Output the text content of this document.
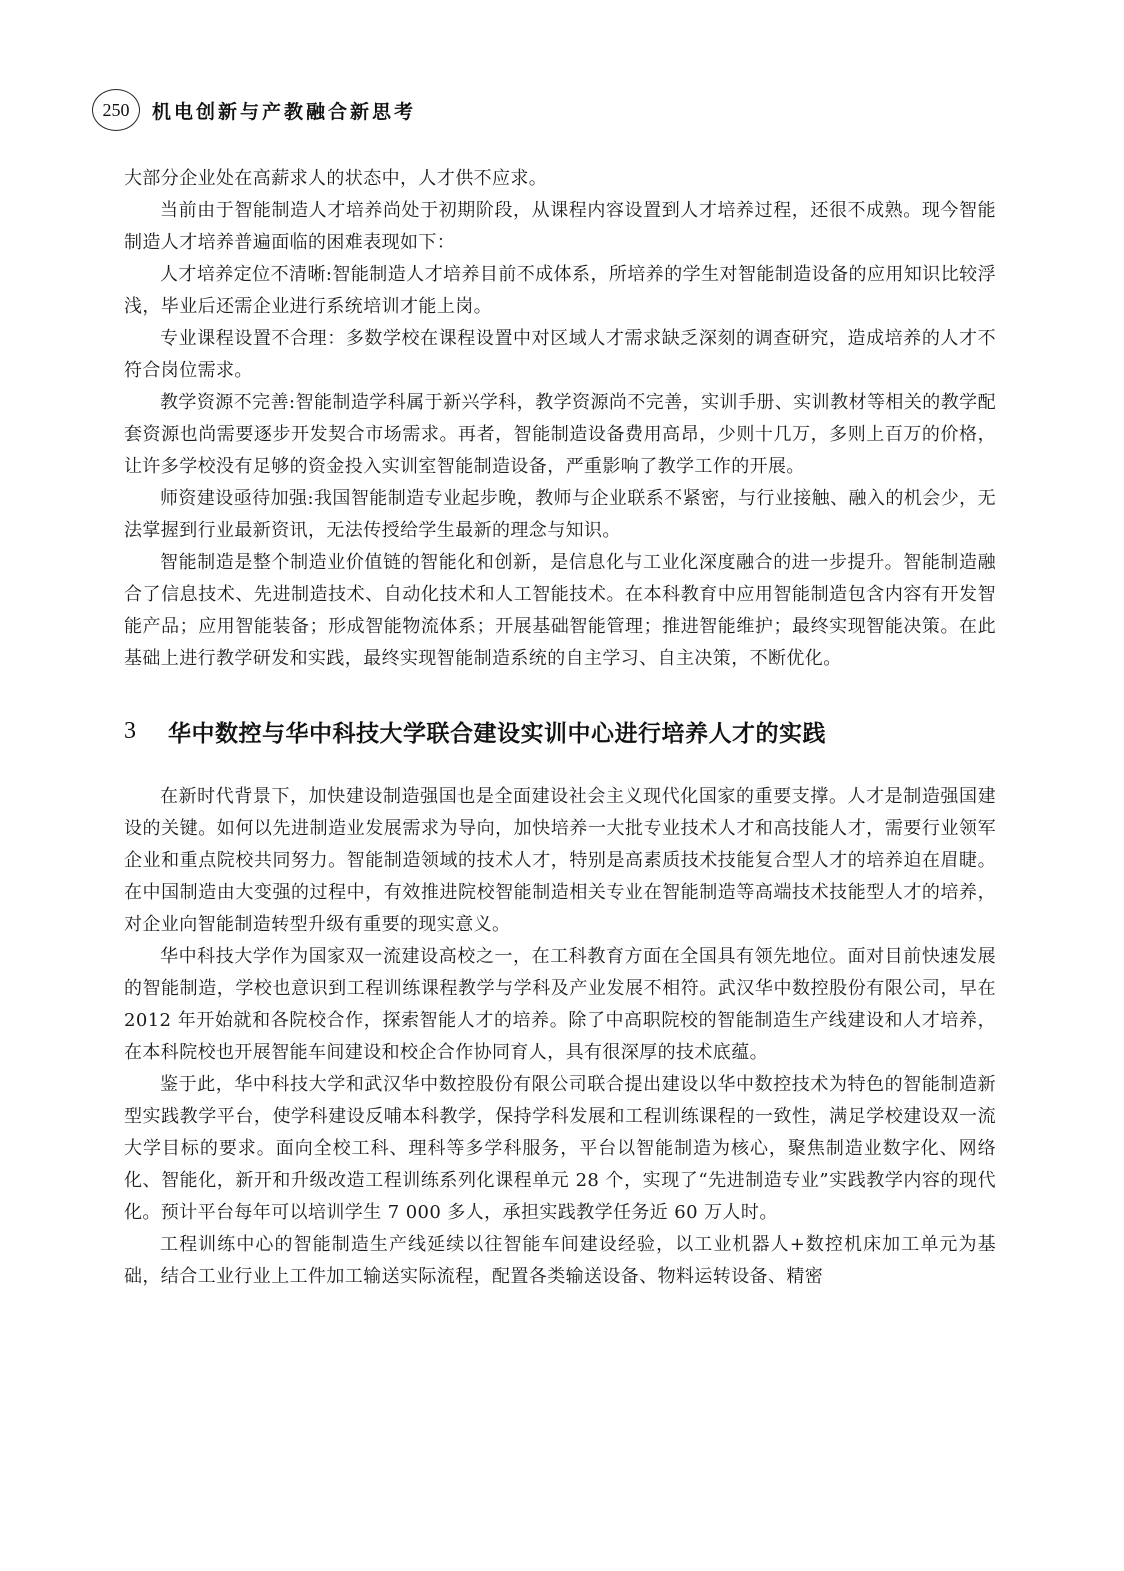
250 机电创新与产教融合新思考

大部分企业处在高薪求人的状态中，人才供不应求。

当前由于智能制造人才培养尚处于初期阶段，从课程内容设置到人才培养过程，还很不成熟。现今智能制造人才培养普遍面临的困难表现如下：

人才培养定位不清晰:智能制造人才培养目前不成体系，所培养的学生对智能制造设备的应用知识比较浮浅，毕业后还需企业进行系统培训才能上岗。

专业课程设置不合理：多数学校在课程设置中对区域人才需求缺乏深刻的调查研究，造成培养的人才不符合岗位需求。

教学资源不完善:智能制造学科属于新兴学科，教学资源尚不完善，实训手册、实训教材等相关的教学配套资源也尚需要逐步开发契合市场需求。再者，智能制造设备费用高昂，少则十几万，多则上百万的价格，让许多学校没有足够的资金投入实训室智能制造设备，严重影响了教学工作的开展。

师资建设亟待加强:我国智能制造专业起步晚，教师与企业联系不紧密，与行业接触、融入的机会少，无法掌握到行业最新资讯，无法传授给学生最新的理念与知识。

智能制造是整个制造业价值链的智能化和创新，是信息化与工业化深度融合的进一步提升。智能制造融合了信息技术、先进制造技术、自动化技术和人工智能技术。在本科教育中应用智能制造包含内容有开发智能产品；应用智能装备；形成智能物流体系；开展基础智能管理；推进智能维护；最终实现智能决策。在此基础上进行教学研发和实践，最终实现智能制造系统的自主学习、自主决策，不断优化。

3	华中数控与华中科技大学联合建设实训中心进行培养人才的实践

在新时代背景下，加快建设制造强国也是全面建设社会主义现代化国家的重要支撑。人才是制造强国建设的关键。如何以先进制造业发展需求为导向，加快培养一大批专业技术人才和高技能人才，需要行业领军企业和重点院校共同努力。智能制造领域的技术人才，特别是高素质技术技能复合型人才的培养迫在眉睫。在中国制造由大变强的过程中，有效推进院校智能制造相关专业在智能制造等高端技术技能型人才的培养，对企业向智能制造转型升级有重要的现实意义。

华中科技大学作为国家双一流建设高校之一，在工科教育方面在全国具有领先地位。面对目前快速发展的智能制造，学校也意识到工程训练课程教学与学科及产业发展不相符。武汉华中数控股份有限公司，早在 2012 年开始就和各院校合作，探索智能人才的培养。除了中高职院校的智能制造生产线建设和人才培养，在本科院校也开展智能车间建设和校企合作协同育人，具有很深厚的技术底蕴。

鉴于此，华中科技大学和武汉华中数控股份有限公司联合提出建设以华中数控技术为特色的智能制造新型实践教学平台，使学科建设反哺本科教学，保持学科发展和工程训练课程的一致性，满足学校建设双一流大学目标的要求。面向全校工科、理科等多学科服务，平台以智能制造为核心，聚焦制造业数字化、网络化、智能化，新开和升级改造工程训练系列化课程单元 28 个，实现了“先进制造专业”实践教学内容的现代化。预计平台每年可以培训学生 7 000 多人，承担实践教学任务近 60 万人时。

工程训练中心的智能制造生产线延续以往智能车间建设经验，以工业机器人+数控机床加工单元为基础，结合工业行业上工件加工输送实际流程，配置各类输送设备、物料运转设备、精密
